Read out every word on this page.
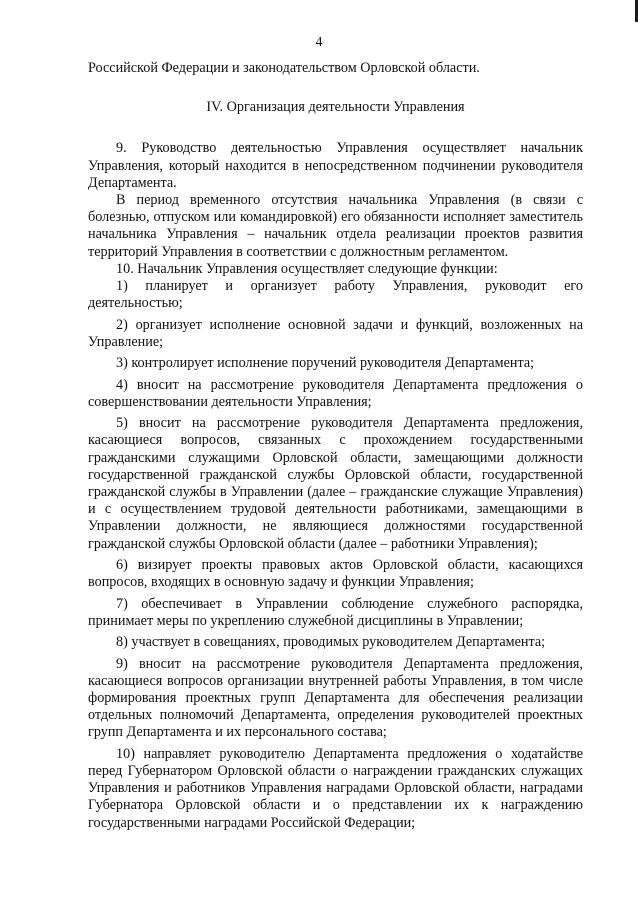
4

Российской Федерации и законодательством Орловской области.

IV. Организация деятельности Управления

9. Руководство деятельностью Управления осуществляет начальник Управления, который находится в непосредственном подчинении руководителя Департамента.

В период временного отсутствия начальника Управления (в связи с болезнью, отпуском или командировкой) его обязанности исполняет заместитель начальника Управления – начальник отдела реализации проектов развития территорий Управления в соответствии с должностным регламентом.

10. Начальник Управления осуществляет следующие функции:

1) планирует и организует работу Управления, руководит его деятельностью;

2) организует исполнение основной задачи и функций, возложенных на Управление;

3) контролирует исполнение поручений руководителя Департамента;

4) вносит на рассмотрение руководителя Департамента предложения о совершенствовании деятельности Управления;

5) вносит на рассмотрение руководителя Департамента предложения, касающиеся вопросов, связанных с прохождением государственными гражданскими служащими Орловской области, замещающими должности государственной гражданской службы Орловской области, государственной гражданской службы в Управлении (далее – гражданские служащие Управления) и с осуществлением трудовой деятельности работниками, замещающими в Управлении должности, не являющиеся должностями государственной гражданской службы Орловской области (далее – работники Управления);

6) визирует проекты правовых актов Орловской области, касающихся вопросов, входящих в основную задачу и функции Управления;

7) обеспечивает в Управлении соблюдение служебного распорядка, принимает меры по укреплению служебной дисциплины в Управлении;

8) участвует в совещаниях, проводимых руководителем Департамента;

9) вносит на рассмотрение руководителя Департамента предложения, касающиеся вопросов организации внутренней работы Управления, в том числе формирования проектных групп Департамента для обеспечения реализации отдельных полномочий Департамента, определения руководителей проектных групп Департамента и их персонального состава;

10) направляет руководителю Департамента предложения о ходатайстве перед Губернатором Орловской области о награждении гражданских служащих Управления и работников Управления наградами Орловской области, наградами Губернатора Орловской области и о представлении их к награждению государственными наградами Российской Федерации;
